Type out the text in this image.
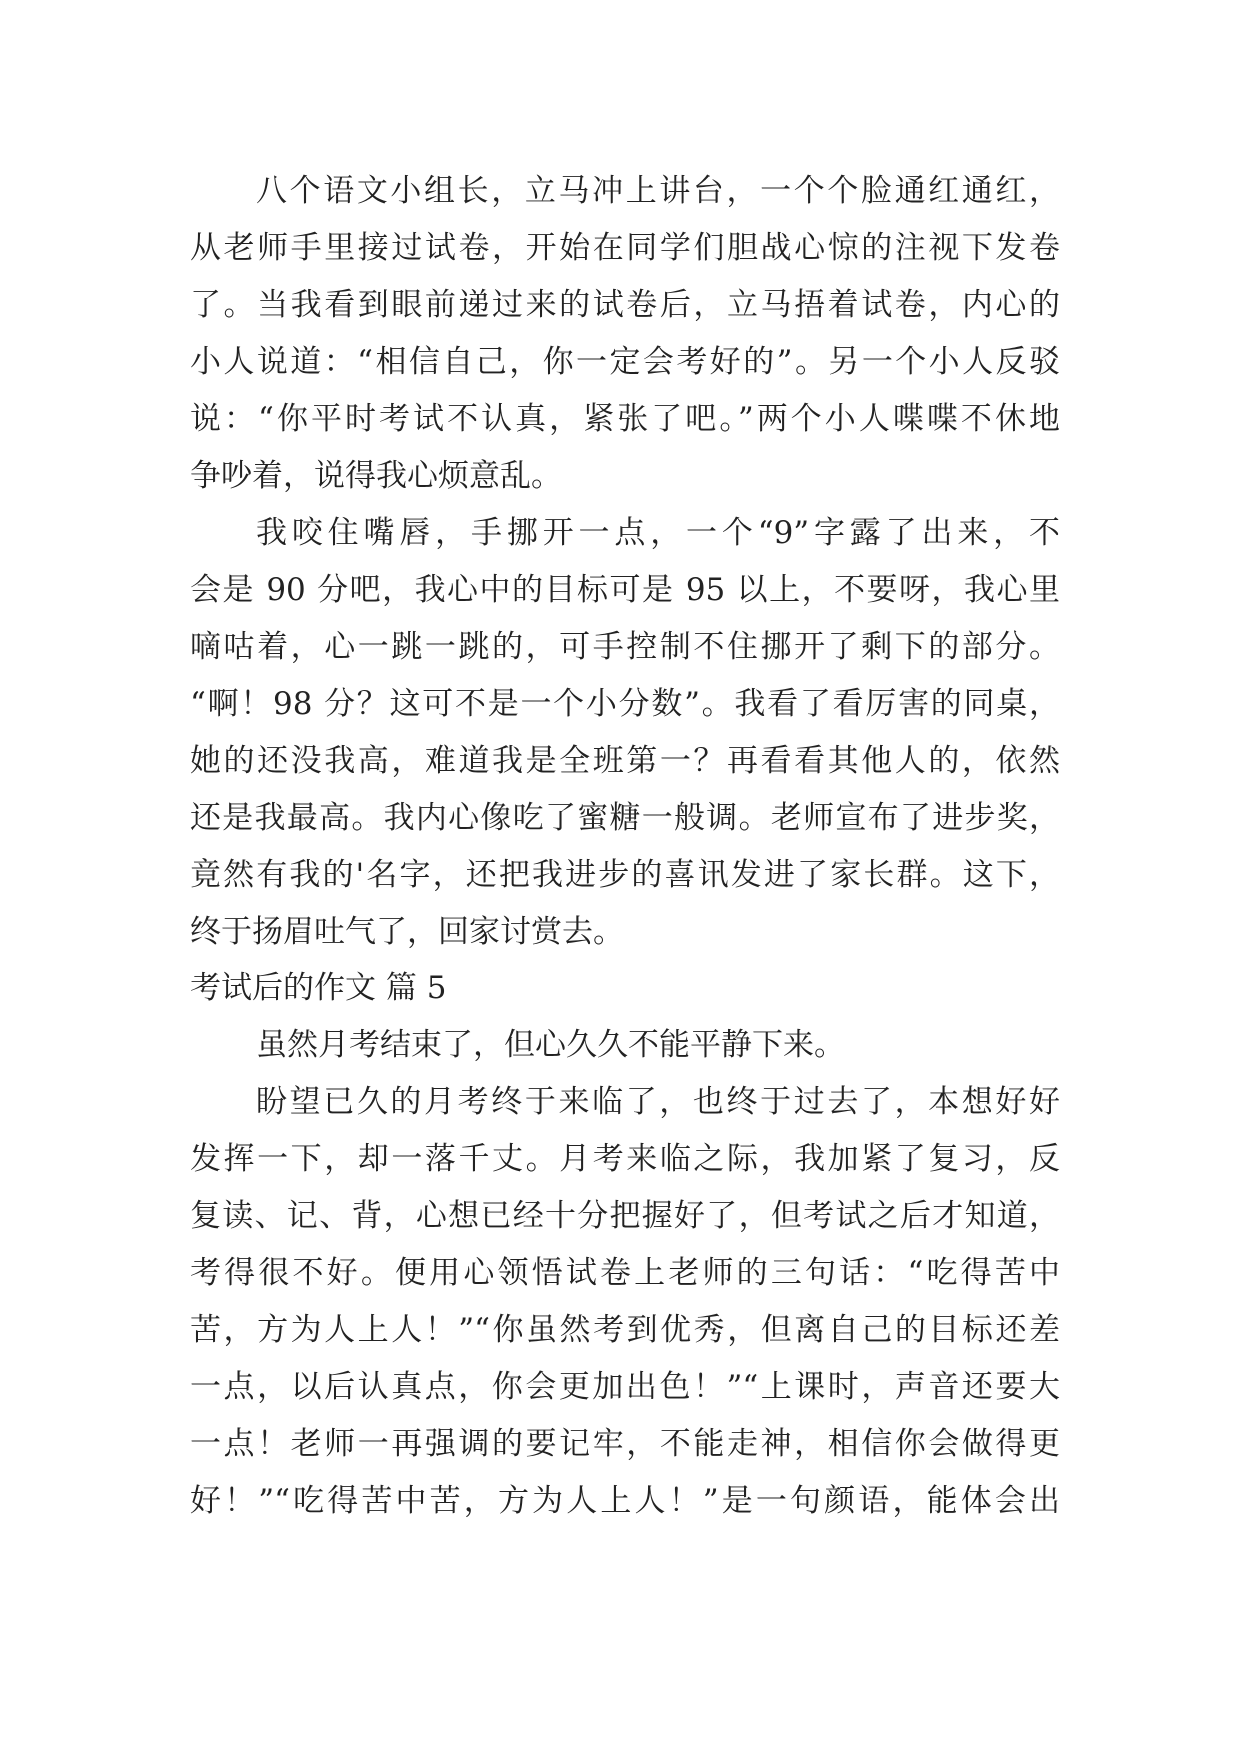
八个语文小组长，立马冲上讲台，一个个脸通红通红，
从老师手里接过试卷，开始在同学们胆战心惊的注视下发卷
了。当我看到眼前递过来的试卷后，立马捂着试卷，内心的
小人说道：“相信自己，你一定会考好的”。另一个小人反驳
说：“你平时考试不认真，紧张了吧。”两个小人喋喋不休地
争吵着，说得我心烦意乱。
我咬住嘴唇，手挪开一点，一个“9”字露了出来，不
会是 90 分吧，我心中的目标可是 95 以上，不要呀，我心里
嘀咕着，心一跳一跳的，可手控制不住挪开了剩下的部分。
“啊！98 分？这可不是一个小分数”。我看了看厉害的同桌，
她的还没我高，难道我是全班第一？再看看其他人的，依然
还是我最高。我内心像吃了蜜糖一般调。老师宣布了进步奖，
竟然有我的'名字，还把我进步的喜讯发进了家长群。这下，
终于扬眉吐气了，回家讨赏去。
考试后的作文 篇 5
虽然月考结束了，但心久久不能平静下来。
盼望已久的月考终于来临了，也终于过去了，本想好好
发挥一下，却一落千丈。月考来临之际，我加紧了复习，反
复读、记、背，心想已经十分把握好了，但考试之后才知道，
考得很不好。便用心领悟试卷上老师的三句话：“吃得苦中
苦，方为人上人！”“你虽然考到优秀，但离自己的目标还差
一点，以后认真点，你会更加出色！”“上课时，声音还要大
一点！老师一再强调的要记牢，不能走神，相信你会做得更
好！”“吃得苦中苦，方为人上人！”是一句颜语，能体会出
